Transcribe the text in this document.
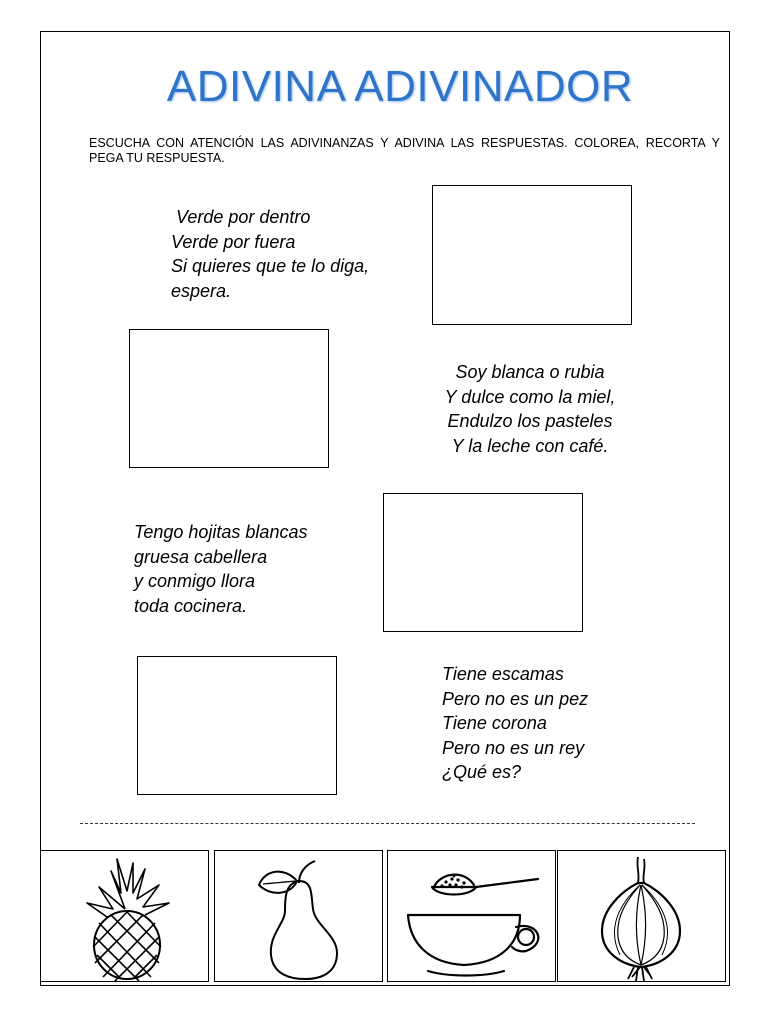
ADIVINA ADIVINADOR
ESCUCHA CON ATENCIÓN LAS ADIVINANZAS Y ADIVINA LAS RESPUESTAS. COLOREA, RECORTA Y PEGA TU RESPUESTA.
Verde por dentro
Verde por fuera
Si quieres que te lo diga,
espera.
Soy blanca o rubia
Y dulce como la miel,
Endulzo los pasteles
Y la leche con café.
Tengo hojitas blancas
gruesa cabellera
y conmigo llora
toda cocinera.
Tiene escamas
Pero no es un pez
Tiene corona
Pero no es un rey
¿Qué es?
